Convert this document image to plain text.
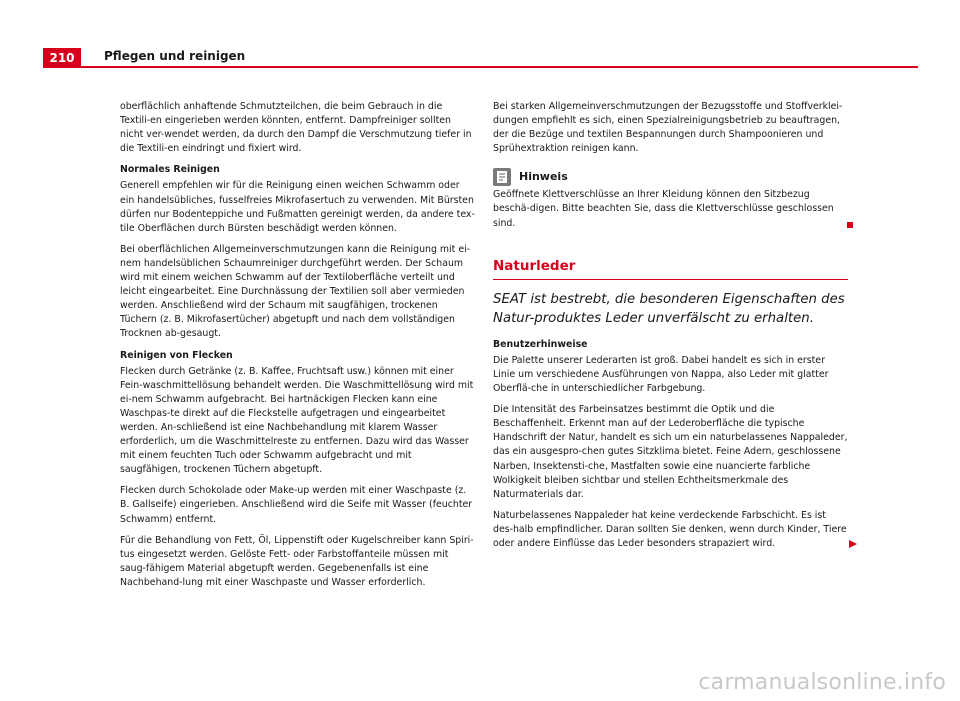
210	Pflegen und reinigen

oberflächlich anhaftende Schmutzteilchen, die beim Gebrauch in die Textili-en eingerieben werden könnten, entfernt. Dampfreiniger sollten nicht ver-wendet werden, da durch den Dampf die Verschmutzung tiefer in die Textili-en eindringt und fixiert wird.

Normales Reinigen

Generell empfehlen wir für die Reinigung einen weichen Schwamm oder ein handelsübliches, fusselfreies Mikrofasertuch zu verwenden. Mit Bürsten dürfen nur Bodenteppiche und Fußmatten gereinigt werden, da andere tex-tile Oberflächen durch Bürsten beschädigt werden können.

Bei oberflächlichen Allgemeinverschmutzungen kann die Reinigung mit ei-nem handelsüblichen Schaumreiniger durchgeführt werden. Der Schaum wird mit einem weichen Schwamm auf der Textiloberfläche verteilt und leicht eingearbeitet. Eine Durchnässung der Textilien soll aber vermieden werden. Anschließend wird der Schaum mit saugfähigen, trockenen Tüchern (z. B. Mikrofasertücher) abgetupft und nach dem vollständigen Trocknen ab-gesaugt.

Reinigen von Flecken

Flecken durch Getränke (z. B. Kaffee, Fruchtsaft usw.) können mit einer Fein-waschmittellösung behandelt werden. Die Waschmittellösung wird mit ei-nem Schwamm aufgebracht. Bei hartnäckigen Flecken kann eine Waschpas-te direkt auf die Fleckstelle aufgetragen und eingearbeitet werden. An-schließend ist eine Nachbehandlung mit klarem Wasser erforderlich, um die Waschmittelreste zu entfernen. Dazu wird das Wasser mit einem feuchten Tuch oder Schwamm aufgebracht und mit saugfähigen, trockenen Tüchern abgetupft.

Flecken durch Schokolade oder Make-up werden mit einer Waschpaste (z. B. Gallseife) eingerieben. Anschließend wird die Seife mit Wasser (feuchter Schwamm) entfernt.

Für die Behandlung von Fett, Öl, Lippenstift oder Kugelschreiber kann Spiri-tus eingesetzt werden. Gelöste Fett- oder Farbstoffanteile müssen mit saug-fähigem Material abgetupft werden. Gegebenenfalls ist eine Nachbehand-lung mit einer Waschpaste und Wasser erforderlich.

Bei starken Allgemeinverschmutzungen der Bezugsstoffe und Stoffverklei-dungen empfiehlt es sich, einen Spezialreinigungsbetrieb zu beauftragen, der die Bezüge und textilen Bespannungen durch Shampoonieren und Sprühextraktion reinigen kann.

Hinweis

Geöffnete Klettverschlüsse an Ihrer Kleidung können den Sitzbezug beschä-digen. Bitte beachten Sie, dass die Klettverschlüsse geschlossen sind.

Naturleder

SEAT ist bestrebt, die besonderen Eigenschaften des Natur-produktes Leder unverfälscht zu erhalten.

Benutzerhinweise

Die Palette unserer Lederarten ist groß. Dabei handelt es sich in erster Linie um verschiedene Ausführungen von Nappa, also Leder mit glatter Oberflä-che in unterschiedlicher Farbgebung.

Die Intensität des Farbeinsatzes bestimmt die Optik und die Beschaffenheit. Erkennt man auf der Lederoberfläche die typische Handschrift der Natur, handelt es sich um ein naturbelassenes Nappaleder, das ein ausgespro-chen gutes Sitzklima bietet. Feine Adern, geschlossene Narben, Insektensti-che, Mastfalten sowie eine nuancierte farbliche Wolkigkeit bleiben sichtbar und stellen Echtheitsmerkmale des Naturmaterials dar.

Naturbelassenes Nappaleder hat keine verdeckende Farbschicht. Es ist des-halb empfindlicher. Daran sollten Sie denken, wenn durch Kinder, Tiere oder andere Einflüsse das Leder besonders strapaziert wird.

carmanualsonline.info
